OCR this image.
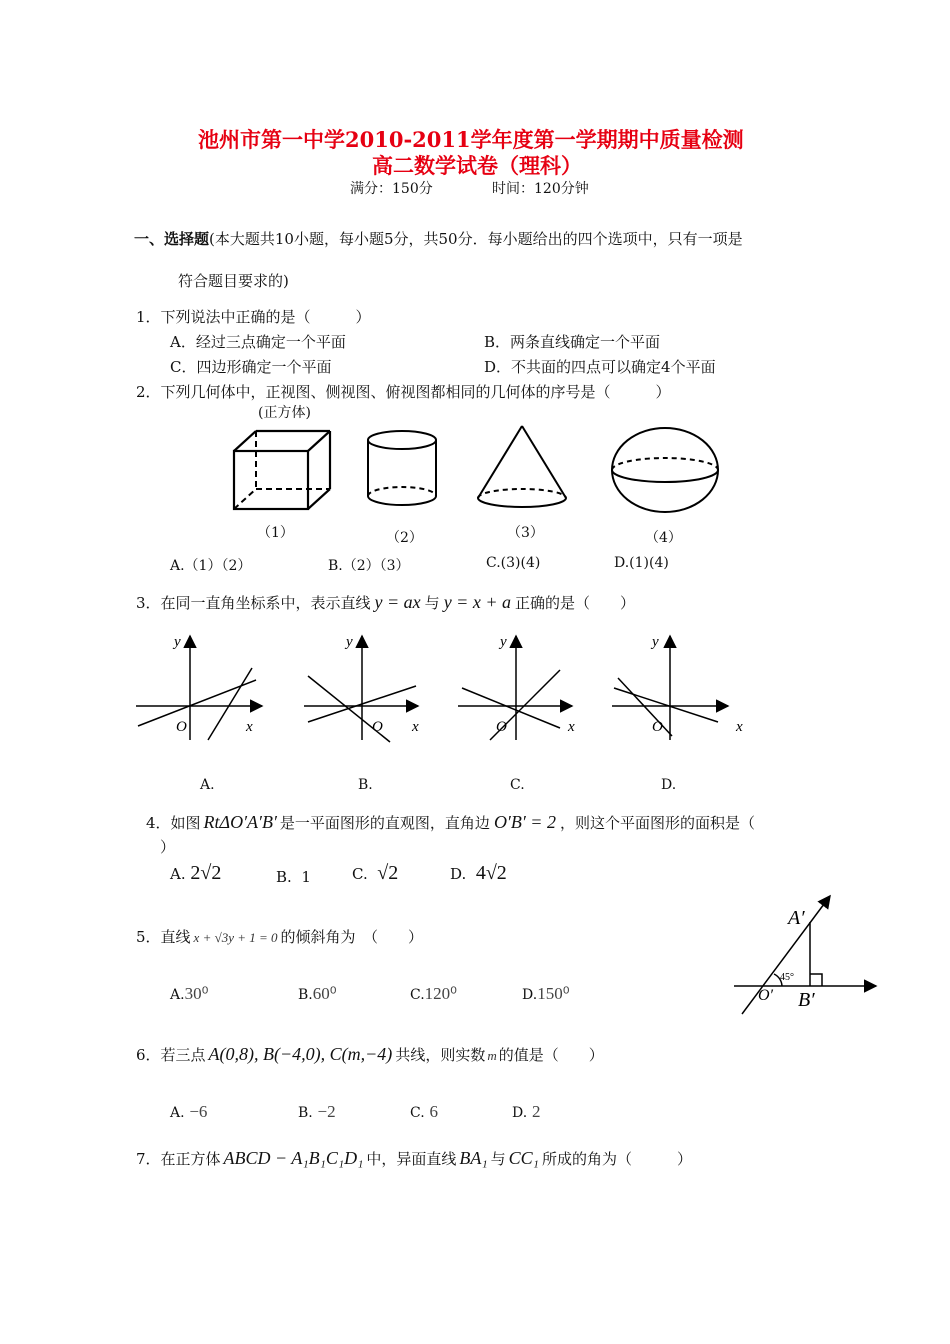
池州市第一中学2010-2011学年度第一学期期中质量检测
高二数学试卷（理科）
满分：150分	时间：120分钟
一、选择题(本大题共10小题，每小题5分，共50分．每小题给出的四个选项中，只有一项是
符合题目要求的)
1．下列说法中正确的是（　　　）
A．经过三点确定一个平面	B．两条直线确定一个平面
C．四边形确定一个平面	D．不共面的四点可以确定4个平面
2．下列几何体中，正视图、侧视图、俯视图都相同的几何体的序号是（　　　）
(正方体)
（1）	（2）	（3）	（4）
A.（1）（2）	B.（2）（3）	C.(3)(4)	D.(1)(4)
3．在同一直角坐标系中，表示直线 y = ax 与 y = x + a 正确的是（　　）
y
x
O
y
x
O
y
x
O
y
x
O
A.	B.	C.	D.
4．如图 RtΔO′A′B′ 是一平面图形的直观图，直角边 O′B′ = 2 ，则这个平面图形的面积是（
）
A. 2√2	B. 1	C. √2	D. 4√2
A′
O′ B′
45°
5．直线 x + √3y + 1 = 0 的倾斜角为　（　　）
A.30⁰	B.60⁰	C.120⁰	D.150⁰
6．若三点 A(0,8), B(−4,0), C(m,−4) 共线，则实数 m 的值是（　　）
A. −6	B. −2	C. 6	D. 2
7．在正方体 ABCD − A₁B₁C₁D₁ 中，异面直线 BA₁ 与 CC₁ 所成的角为（　　　）
